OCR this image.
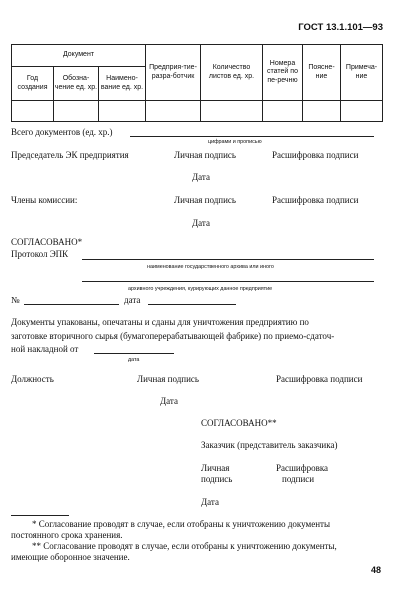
ГОСТ 13.1.101—93
Документ			Предприя-тие-разра-ботчик	Количество листов ед. хр.	Номера статей по пе-речню	Поясне-ние	Примеча-ние
Год создания	Обозна-чение ед. хр.	Наимено-вание ед. хр.					

Всего документов (ед. хр.)
цифрами и прописью
Председатель ЭК предприятия	Личная подпись	Расшифровка подписи
Дата
Члены комиссии:	Личная подпись	Расшифровка подписи
Дата
СОГЛАСОВАНО*
Протокол ЭПК
наименование государственного архива или иного
архивного учреждения, курирующих данное предприятие
№	дата
Документы упакованы, опечатаны и сданы для уничтожения предприятию по
заготовке вторичного сырья (бумагоперерабатывающей фабрике) по приемо-сдаточ-
ной накладной от
дата
Должность	Личная подпись	Расшифровка подписи
Дата
СОГЛАСОВАНО**
Заказчик (представитель заказчика)
Личная
подпись
Расшифровка
подписи
Дата
* Согласование проводят в случае, если отобраны к уничтожению документы
постоянного срока хранения.
** Согласование проводят в случае, если отобраны к уничтожению документы,
имеющие оборонное значение.
48
